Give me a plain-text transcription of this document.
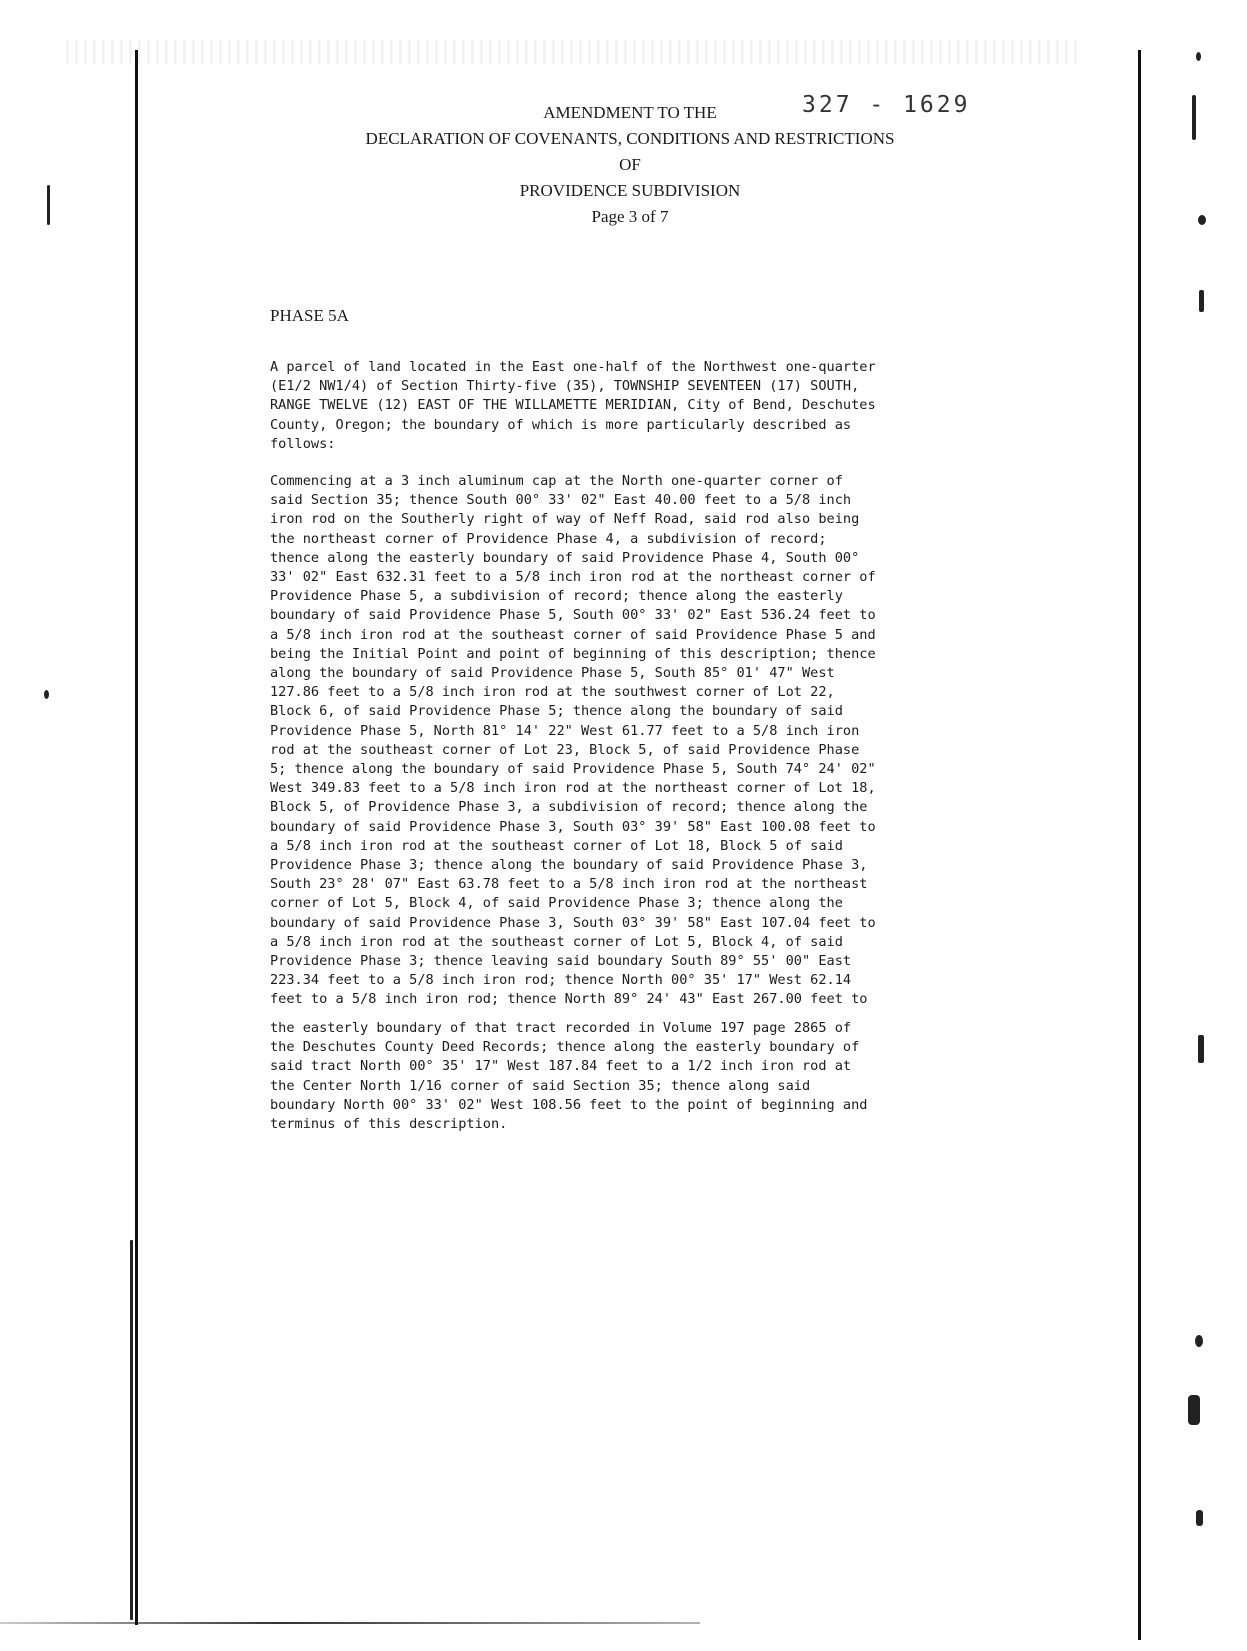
327 - 1629
AMENDMENT TO THE
DECLARATION OF COVENANTS, CONDITIONS AND RESTRICTIONS
OF
PROVIDENCE SUBDIVISION
Page 3 of 7
PHASE 5A
A parcel of land located in the East one-half of the Northwest one-quarter
(E1/2 NW1/4) of Section Thirty-five (35), TOWNSHIP SEVENTEEN (17) SOUTH,
RANGE TWELVE (12) EAST OF THE WILLAMETTE MERIDIAN, City of Bend, Deschutes
County, Oregon; the boundary of which is more particularly described as
follows:
Commencing at a 3 inch aluminum cap at the North one-quarter corner of
said Section 35; thence South 00° 33' 02" East 40.00 feet to a 5/8 inch
iron rod on the Southerly right of way of Neff Road, said rod also being
the northeast corner of Providence Phase 4, a subdivision of record;
thence along the easterly boundary of said Providence Phase 4, South 00°
33' 02" East 632.31 feet to a 5/8 inch iron rod at the northeast corner of
Providence Phase 5, a subdivision of record; thence along the easterly
boundary of said Providence Phase 5, South 00° 33' 02" East 536.24 feet to
a 5/8 inch iron rod at the southeast corner of said Providence Phase 5 and
being the Initial Point and point of beginning of this description; thence
along the boundary of said Providence Phase 5, South 85° 01' 47" West
127.86 feet to a 5/8 inch iron rod at the southwest corner of Lot 22,
Block 6, of said Providence Phase 5; thence along the boundary of said
Providence Phase 5, North 81° 14' 22" West 61.77 feet to a 5/8 inch iron
rod at the southeast corner of Lot 23, Block 5, of said Providence Phase
5; thence along the boundary of said Providence Phase 5, South 74° 24' 02"
West 349.83 feet to a 5/8 inch iron rod at the northeast corner of Lot 18,
Block 5, of Providence Phase 3, a subdivision of record; thence along the
boundary of said Providence Phase 3, South 03° 39' 58" East 100.08 feet to
a 5/8 inch iron rod at the southeast corner of Lot 18, Block 5 of said
Providence Phase 3; thence along the boundary of said Providence Phase 3,
South 23° 28' 07" East 63.78 feet to a 5/8 inch iron rod at the northeast
corner of Lot 5, Block 4, of said Providence Phase 3; thence along the
boundary of said Providence Phase 3, South 03° 39' 58" East 107.04 feet to
a 5/8 inch iron rod at the southeast corner of Lot 5, Block 4, of said
Providence Phase 3; thence leaving said boundary South 89° 55' 00" East
223.34 feet to a 5/8 inch iron rod; thence North 00° 35' 17" West 62.14
feet to a 5/8 inch iron rod; thence North 89° 24' 43" East 267.00 feet to
the easterly boundary of that tract recorded in Volume 197 page 2865 of
the Deschutes County Deed Records; thence along the easterly boundary of
said tract North 00° 35' 17" West 187.84 feet to a 1/2 inch iron rod at
the Center North 1/16 corner of said Section 35; thence along said
boundary North 00° 33' 02" West 108.56 feet to the point of beginning and
terminus of this description.
